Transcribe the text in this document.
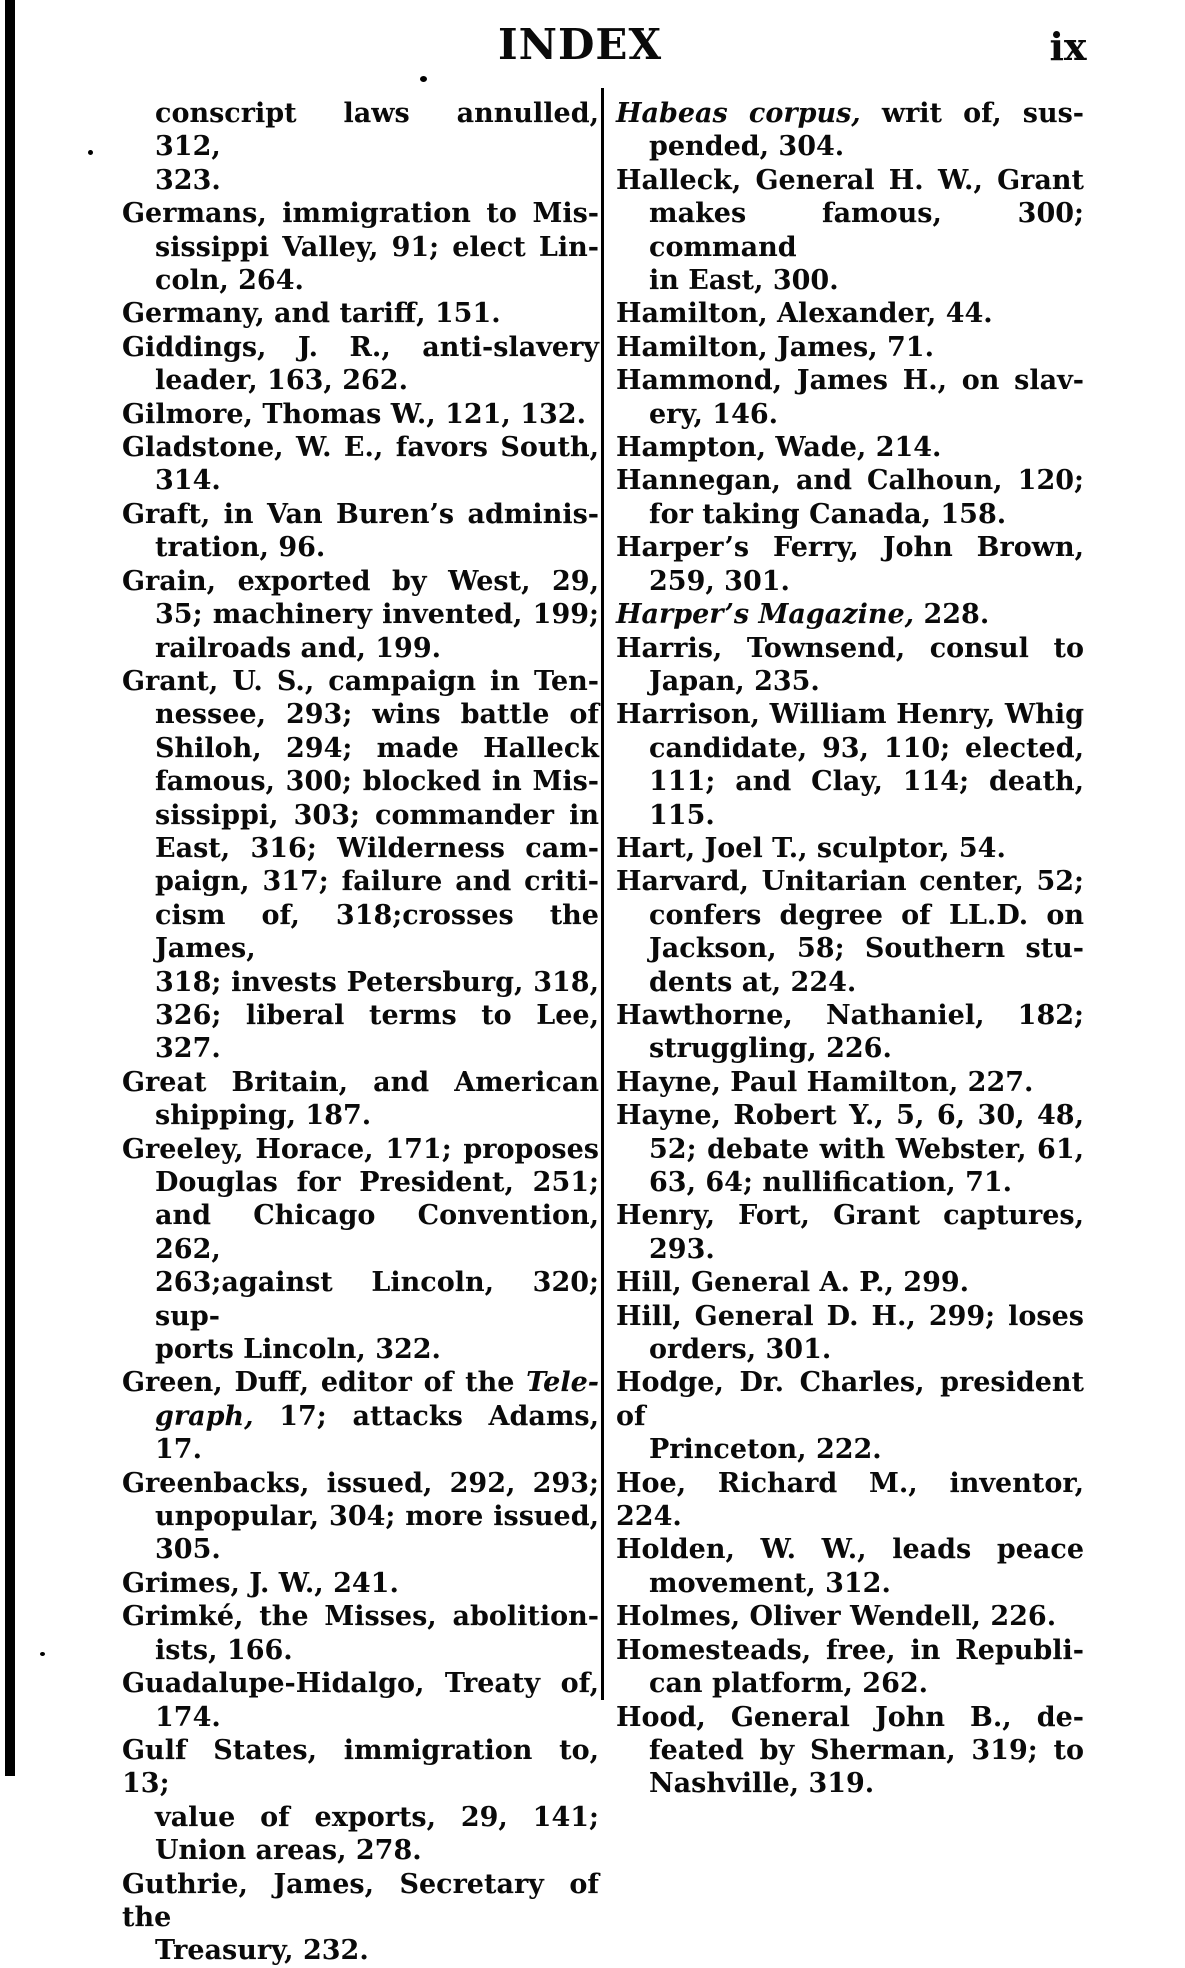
INDEX	ix

conscript laws annulled, 312,
323.

Germans, immigration to Mis-
sissippi Valley, 91; elect Lin-
coln, 264.

Germany, and tariff, 151.

Giddings, J. R., anti-slavery
leader, 163, 262.

Gilmore, Thomas W., 121, 132.

Gladstone, W. E., favors South,
314.

Graft, in Van Buren’s adminis-
tration, 96.

Grain, exported by West, 29,
35; machinery invented, 199;
railroads and, 199.

Grant, U. S., campaign in Ten-
nessee, 293; wins battle of
Shiloh, 294; made Halleck
famous, 300; blocked in Mis-
sissippi, 303; commander in
East, 316; Wilderness cam-
paign, 317; failure and criti-
cism of, 318;crosses the James,
318; invests Petersburg, 318,
326; liberal terms to Lee, 327.

Great Britain, and American
shipping, 187.

Greeley, Horace, 171; proposes
Douglas for President, 251;
and Chicago Convention, 262,
263;against Lincoln, 320; sup-
ports Lincoln, 322.

Green, Duff, editor of the Tele-
graph, 17; attacks Adams, 17.

Greenbacks, issued, 292, 293;
unpopular, 304; more issued,
305.

Grimes, J. W., 241.

Grimké, the Misses, abolition-
ists, 166.

Guadalupe-Hidalgo, Treaty of,
174.

Gulf States, immigration to, 13;
value of exports, 29, 141;
Union areas, 278.

Guthrie, James, Secretary of the
Treasury, 232.

Habeas corpus, writ of, sus-
pended, 304.

Halleck, General H. W., Grant
makes famous, 300; command
in East, 300.

Hamilton, Alexander, 44.

Hamilton, James, 71.

Hammond, James H., on slav-
ery, 146.

Hampton, Wade, 214.

Hannegan, and Calhoun, 120;
for taking Canada, 158.

Harper’s Ferry, John Brown,
259, 301.

Harper’s Magazine, 228.

Harris, Townsend, consul to
Japan, 235.

Harrison, William Henry, Whig
candidate, 93, 110; elected,
111; and Clay, 114; death,
115.

Hart, Joel T., sculptor, 54.

Harvard, Unitarian center, 52;
confers degree of LL.D. on
Jackson, 58; Southern stu-
dents at, 224.

Hawthorne, Nathaniel, 182;
struggling, 226.

Hayne, Paul Hamilton, 227.

Hayne, Robert Y., 5, 6, 30, 48,
52; debate with Webster, 61,
63, 64; nullification, 71.

Henry, Fort, Grant captures,
293.

Hill, General A. P., 299.

Hill, General D. H., 299; loses
orders, 301.

Hodge, Dr. Charles, president of
Princeton, 222.

Hoe, Richard M., inventor, 224.

Holden, W. W., leads peace
movement, 312.

Holmes, Oliver Wendell, 226.

Homesteads, free, in Republi-
can platform, 262.

Hood, General John B., de-
feated by Sherman, 319; to
Nashville, 319.
